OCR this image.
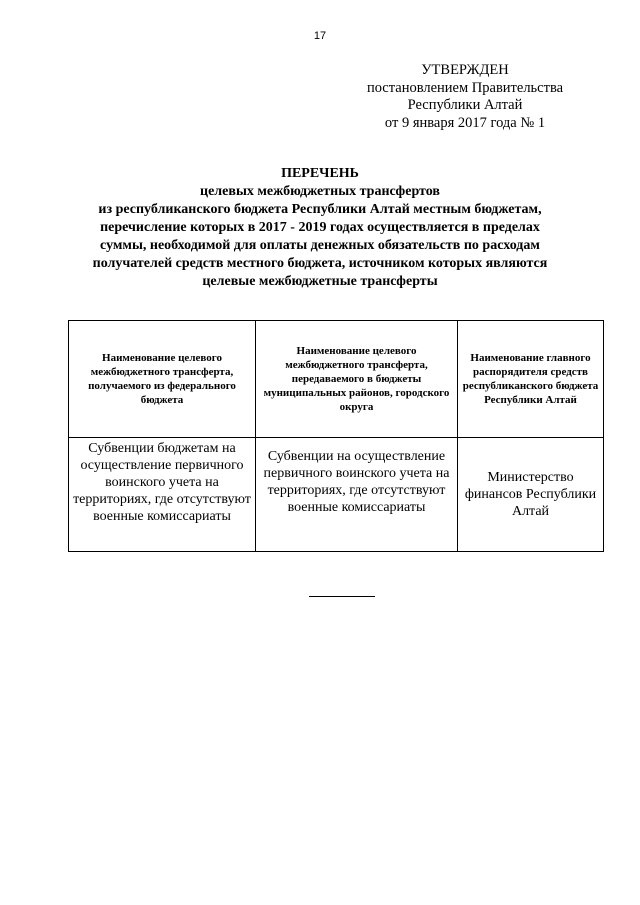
17
УТВЕРЖДЕН
постановлением Правительства
Республики Алтай
от 9 января 2017 года № 1
ПЕРЕЧЕНЬ
целевых межбюджетных трансфертов
из республиканского бюджета Республики Алтай местным бюджетам,
перечисление которых в 2017 - 2019 годах осуществляется в пределах
суммы, необходимой для оплаты денежных обязательств по расходам
получателей средств местного бюджета, источником которых являются
целевые межбюджетные трансферты
Наименование целевого межбюджетного трансферта, получаемого из федерального бюджета	Наименование целевого межбюджетного трансферта, передаваемого в бюджеты муниципальных районов, городского округа	Наименование главного распорядителя средств республиканского бюджета Республики Алтай
Субвенции бюджетам на осуществление первичного воинского учета на территориях, где отсутствуют военные комиссариаты	Субвенции на осуществление первичного воинского учета на территориях, где отсутствуют военные комиссариаты	Министерство финансов Республики Алтай
